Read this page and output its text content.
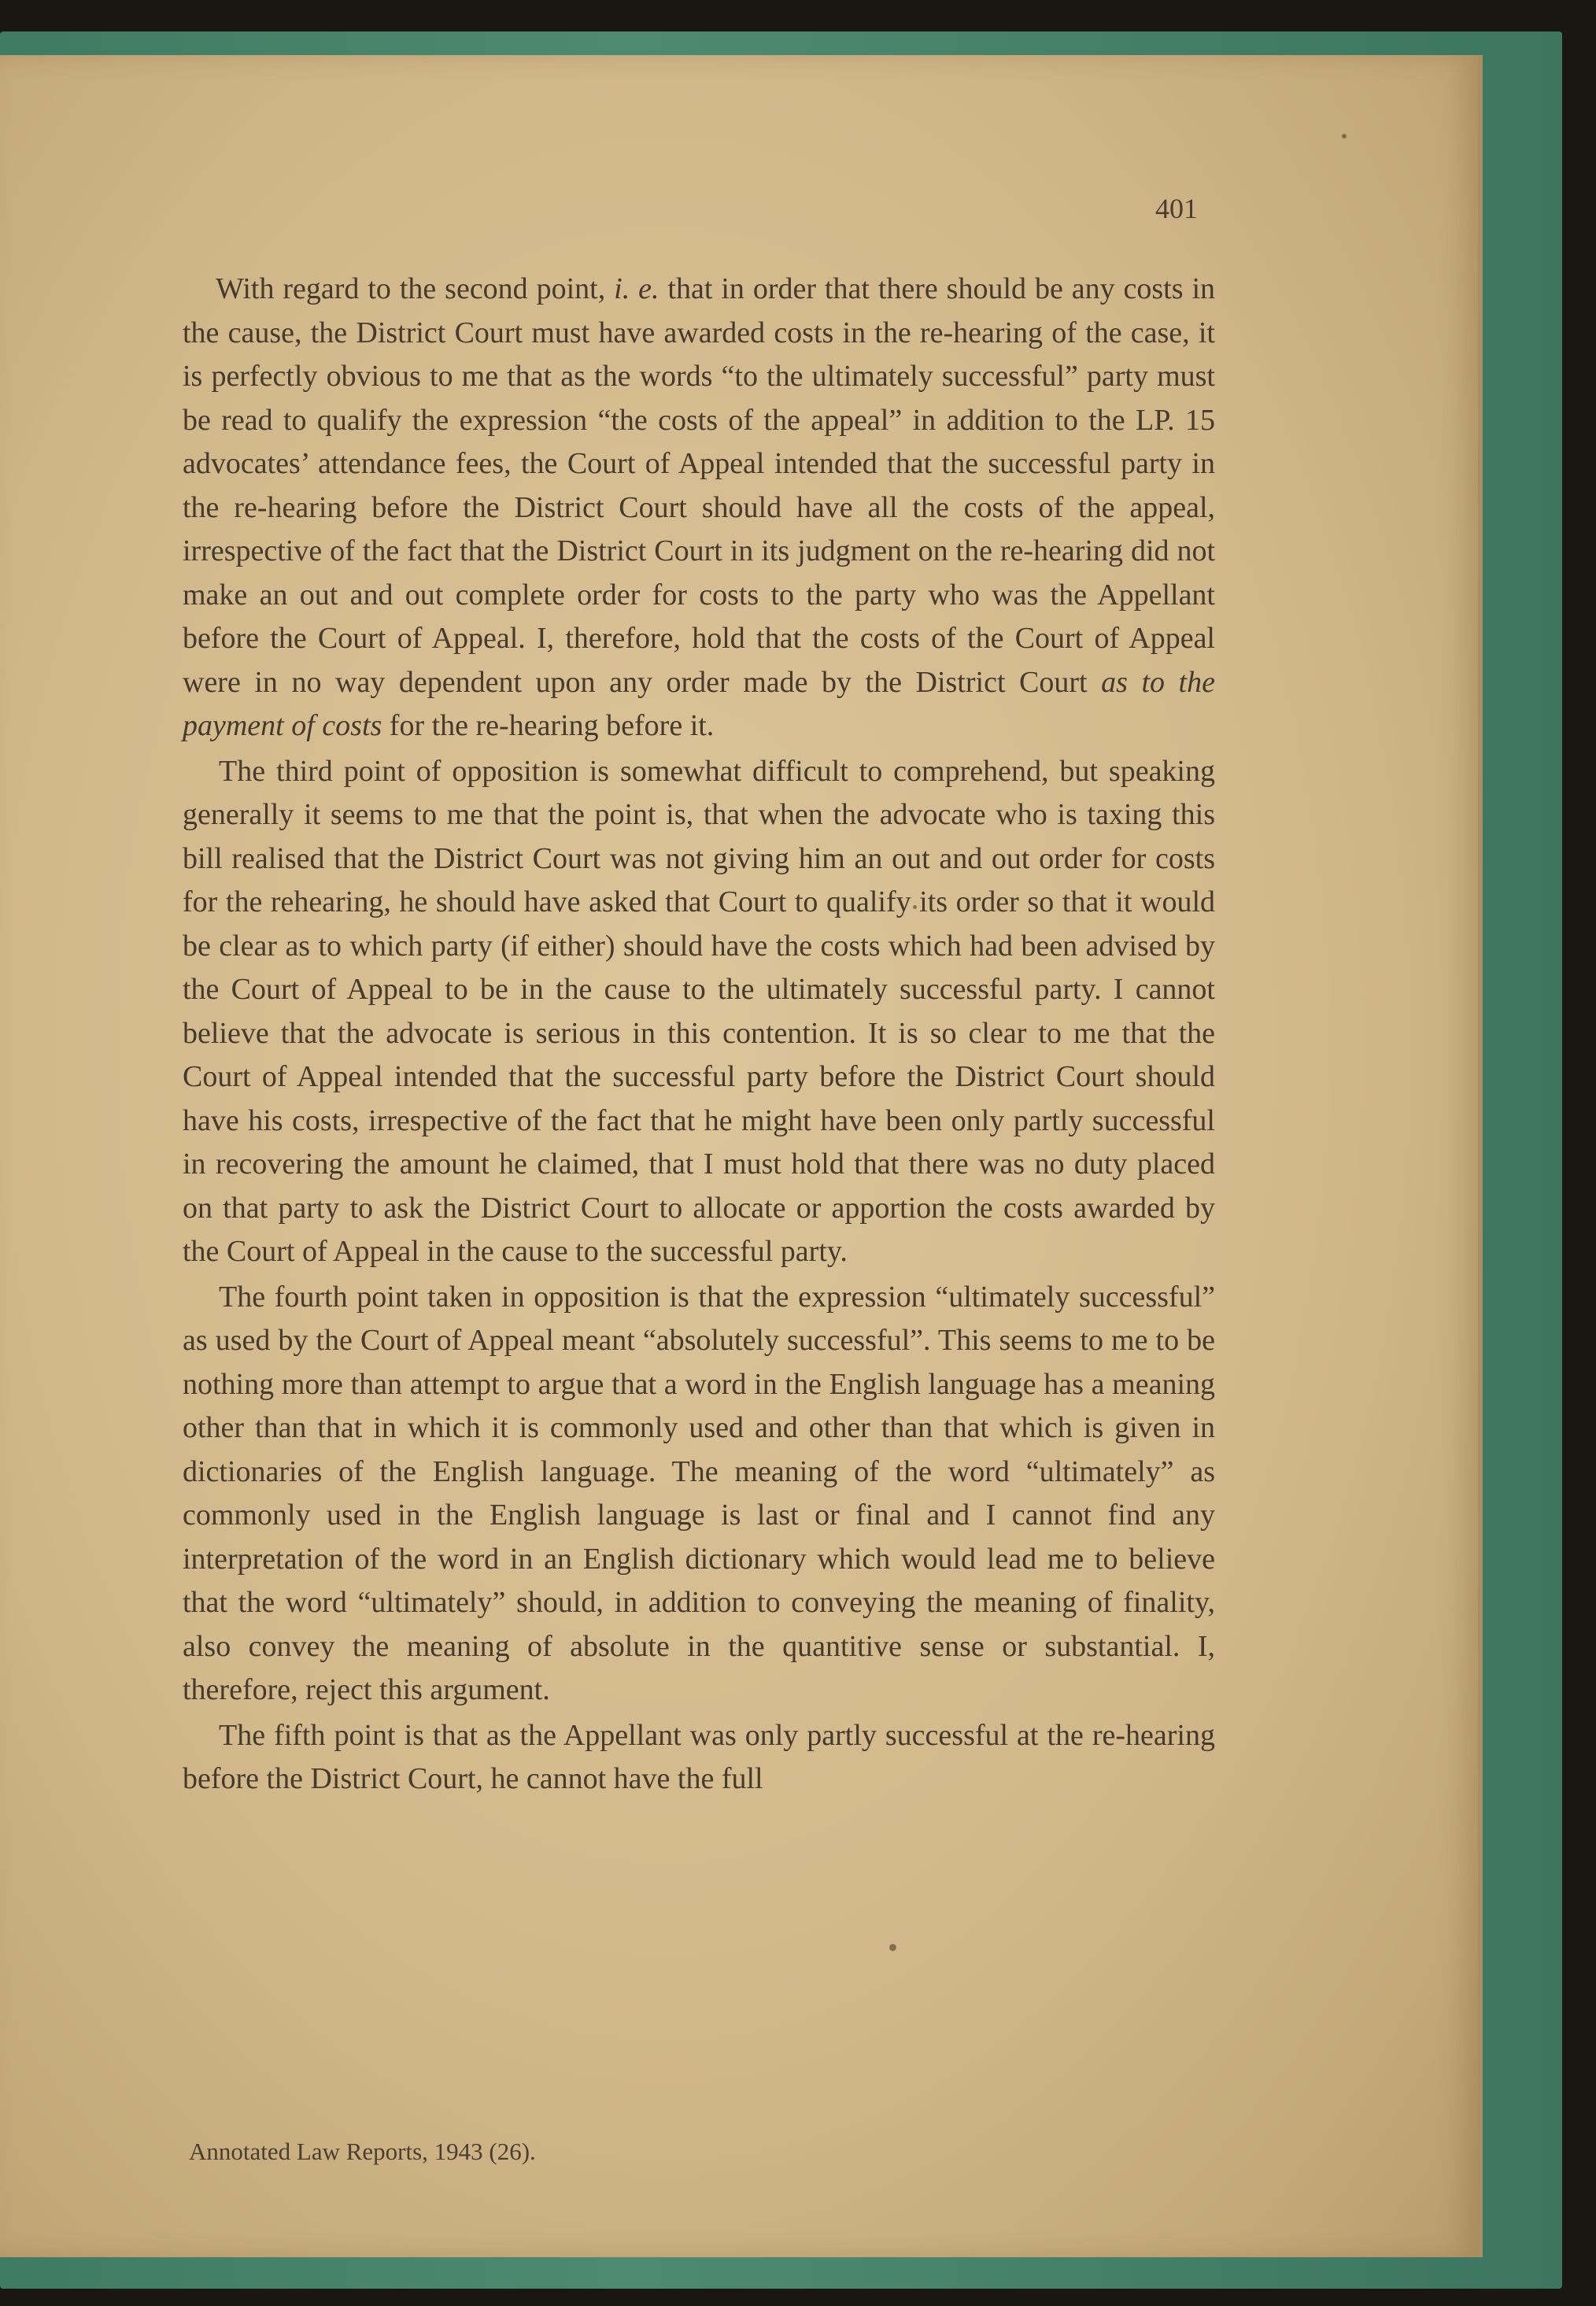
401

With regard to the second point, i. e. that in order that there should be any costs in the cause, the District Court must have awarded costs in the re-hearing of the case, it is perfectly obvious to me that as the words “to the ultimately successful” party must be read to qualify the expression “the costs of the appeal” in addition to the LP. 15 advocates’ attendance fees, the Court of Appeal intended that the successful party in the re-hearing before the District Court should have all the costs of the appeal, irrespective of the fact that the District Court in its judgment on the re-hearing did not make an out and out complete order for costs to the party who was the Appellant before the Court of Appeal. I, therefore, hold that the costs of the Court of Appeal were in no way dependent upon any order made by the District Court as to the payment of costs for the re-hearing before it.

The third point of opposition is somewhat difficult to comprehend, but speaking generally it seems to me that the point is, that when the advocate who is taxing this bill realised that the District Court was not giving him an out and out order for costs for the rehearing, he should have asked that Court to qualify its order so that it would be clear as to which party (if either) should have the costs which had been advised by the Court of Appeal to be in the cause to the ultimately successful party. I cannot believe that the advocate is serious in this contention. It is so clear to me that the Court of Appeal intended that the successful party before the District Court should have his costs, irrespective of the fact that he might have been only partly successful in recovering the amount he claimed, that I must hold that there was no duty placed on that party to ask the District Court to allocate or apportion the costs awarded by the Court of Appeal in the cause to the successful party.

The fourth point taken in opposition is that the expression “ultimately successful” as used by the Court of Appeal meant “absolutely successful”. This seems to me to be nothing more than attempt to argue that a word in the English language has a meaning other than that in which it is commonly used and other than that which is given in dictionaries of the English language. The meaning of the word “ultimately” as commonly used in the English language is last or final and I cannot find any interpretation of the word in an English dictionary which would lead me to believe that the word “ultimately” should, in addition to conveying the meaning of finality, also convey the meaning of absolute in the quantitive sense or substantial. I, therefore, reject this argument.

The fifth point is that as the Appellant was only partly successful at the re-hearing before the District Court, he cannot have the full

Annotated Law Reports, 1943 (26).
